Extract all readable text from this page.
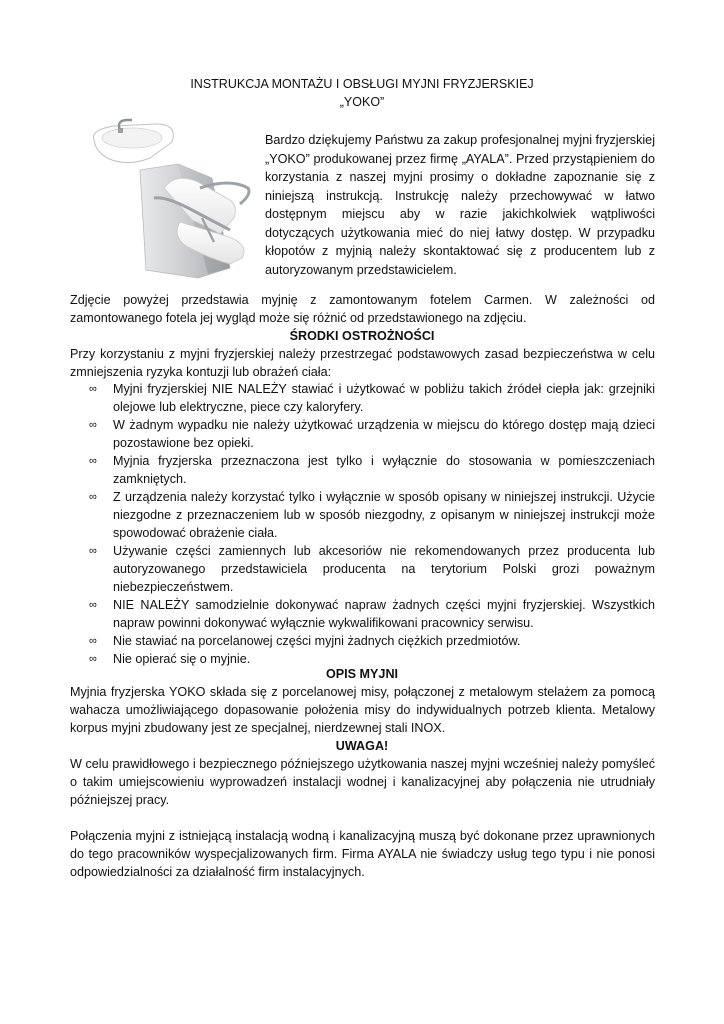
INSTRUKCJA MONTAŻU I OBSŁUGI MYJNI FRYZJERSKIEJ
„YOKO”
Bardzo dziękujemy Państwu za zakup profesjonalnej myjni fryzjerskiej „YOKO” produkowanej przez firmę „AYALA”. Przed przystąpieniem do korzystania z naszej myjni prosimy o dokładne zapoznanie się z niniejszą instrukcją. Instrukcję należy przechowywać w łatwo dostępnym miejscu aby w razie jakichkolwiek wątpliwości dotyczących użytkowania mieć do niej łatwy dostęp. W przypadku kłopotów z myjnią należy skontaktować się z producentem lub z autoryzowanym przedstawicielem.
Zdjęcie powyżej przedstawia myjnię z zamontowanym fotelem Carmen. W zależności od zamontowanego fotela jej wygląd może się różnić od przedstawionego na zdjęciu.
ŚRODKI OSTROŻNOŚCI
Przy korzystaniu z myjni fryzjerskiej należy przestrzegać podstawowych zasad bezpieczeństwa w celu zmniejszenia ryzyka kontuzji lub obrażeń ciała:
∞ Myjni fryzjerskiej NIE NALEŻY stawiać i użytkować w pobliżu takich źródeł ciepła jak: grzejniki olejowe lub elektryczne, piece czy kaloryfery.
∞ W żadnym wypadku nie należy użytkować urządzenia w miejscu do którego dostęp mają dzieci pozostawione bez opieki.
∞ Myjnia fryzjerska przeznaczona jest tylko i wyłącznie do stosowania w pomieszczeniach zamkniętych.
∞ Z urządzenia należy korzystać tylko i wyłącznie w sposób opisany w niniejszej instrukcji. Użycie niezgodne z przeznaczeniem lub w sposób niezgodny, z opisanym w niniejszej instrukcji może spowodować obrażenie ciała.
∞ Używanie części zamiennych lub akcesoriów nie rekomendowanych przez producenta lub autoryzowanego przedstawiciela producenta na terytorium Polski grozi poważnym niebezpieczeństwem.
∞ NIE NALEŻY samodzielnie dokonywać napraw żadnych części myjni fryzjerskiej. Wszystkich napraw powinni dokonywać wyłącznie wykwalifikowani pracownicy serwisu.
∞ Nie stawiać na porcelanowej części myjni żadnych ciężkich przedmiotów.
∞ Nie opierać się o myjnie.
OPIS MYJNI
Myjnia fryzjerska YOKO składa się z porcelanowej misy, połączonej z metalowym stelażem za pomocą wahacza umożliwiającego dopasowanie położenia misy do indywidualnych potrzeb klienta. Metalowy korpus myjni zbudowany jest ze specjalnej, nierdzewnej stali INOX.
UWAGA!
W celu prawidłowego i bezpiecznego późniejszego użytkowania naszej myjni wcześniej należy pomyśleć o takim umiejscowieniu wyprowadzeń instalacji wodnej i kanalizacyjnej aby połączenia nie utrudniały późniejszej pracy.
Połączenia myjni z istniejącą instalacją wodną i kanalizacyjną muszą być dokonane przez uprawnionych do tego pracowników wyspecjalizowanych firm. Firma AYALA nie świadczy usług tego typu i nie ponosi odpowiedzialności za działalność firm instalacyjnych.
